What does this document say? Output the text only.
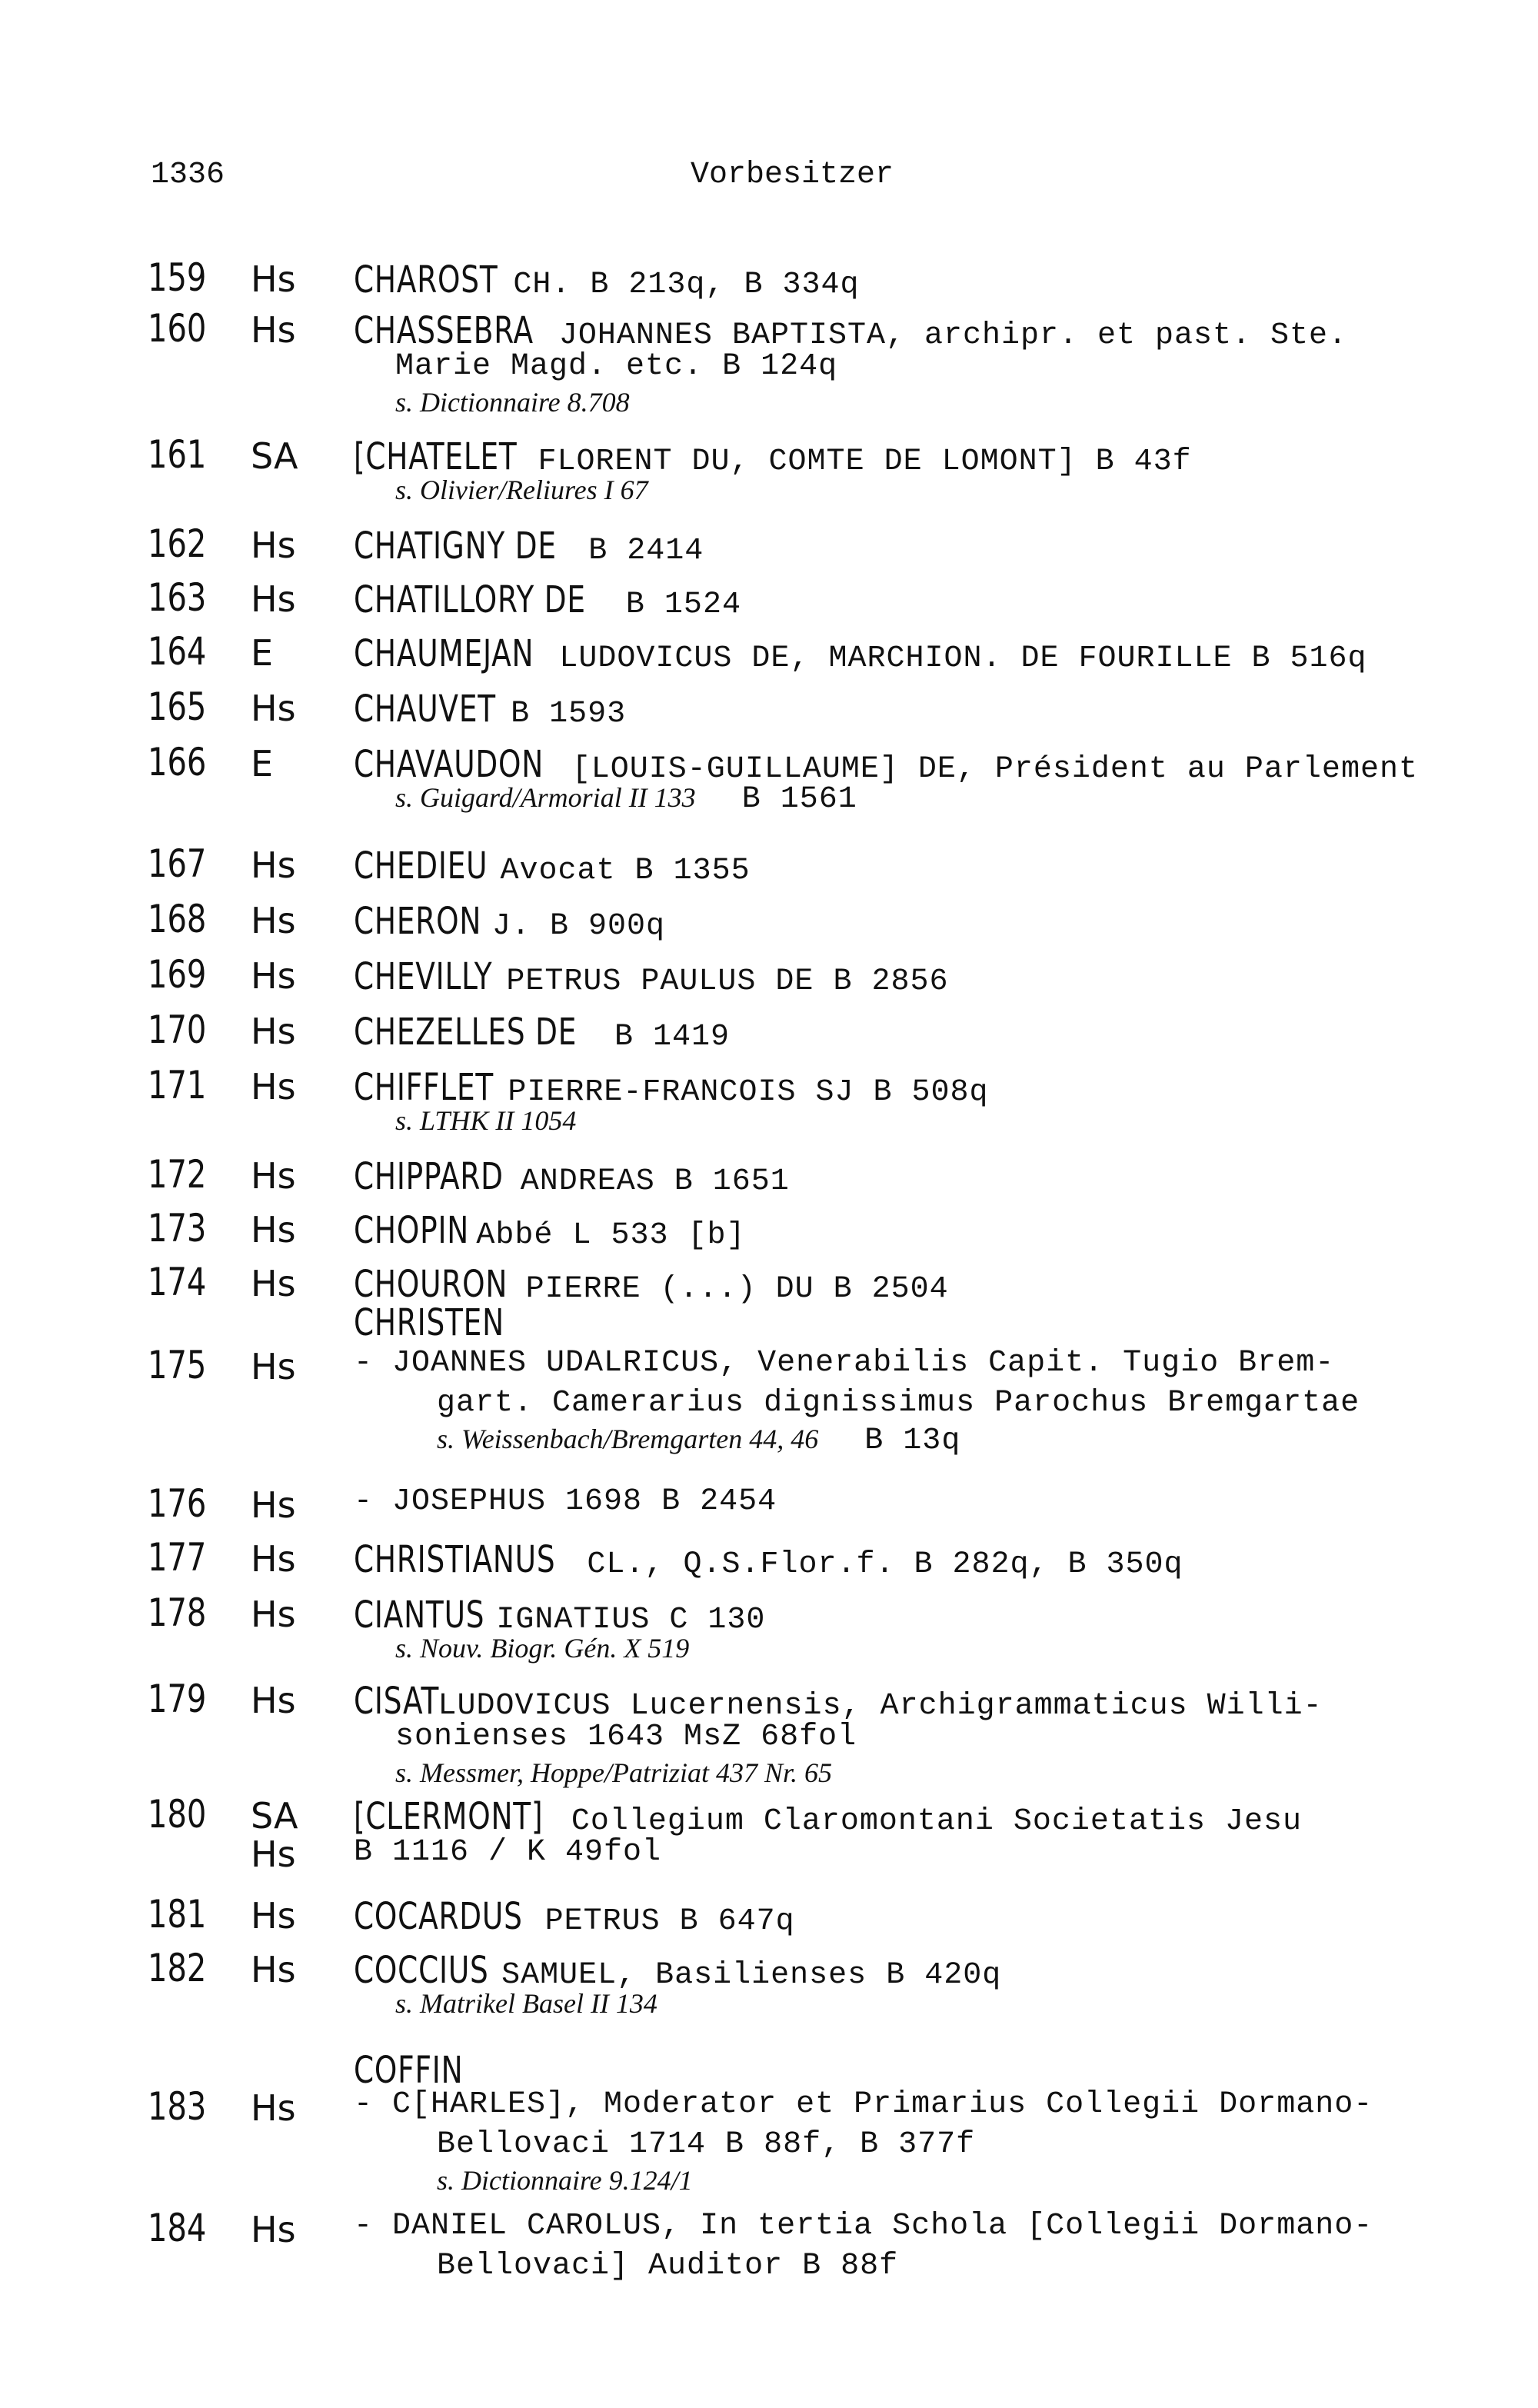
1336	Vorbesitzer
159 Hs CHAROST CH. B 213q, B 334q
160 Hs CHASSEBRA JOHANNES BAPTISTA, archipr. et past. Ste.
Marie Magd. etc. B 124q
s. Dictionnaire 8.708
161 SA [CHATELET FLORENT DU, COMTE DE LOMONT] B 43f
s. Olivier/Reliures I 67
162 Hs CHATIGNY DE B 2414
163 Hs CHATILLORY DE B 1524
164 E CHAUMEJAN LUDOVICUS DE, MARCHION. DE FOURILLE B 516q
165 Hs CHAUVET B 1593
166 E CHAVAUDON [LOUIS-GUILLAUME] DE, Président au Parlement
s. Guigard/Armorial II 133 B 1561
167 Hs CHEDIEU Avocat B 1355
168 Hs CHERON J. B 900q
169 Hs CHEVILLY PETRUS PAULUS DE B 2856
170 Hs CHEZELLES DE B 1419
171 Hs CHIFFLET PIERRE-FRANCOIS SJ B 508q
s. LTHK II 1054
172 Hs CHIPPARD ANDREAS B 1651
173 Hs CHOPIN Abbé L 533 [b]
174 Hs CHOURON PIERRE (...) DU B 2504
CHRISTEN
175 Hs - JOANNES UDALRICUS, Venerabilis Capit. Tugio Brem-
gart. Camerarius dignissimus Parochus Bremgartae
s. Weissenbach/Bremgarten 44, 46 B 13q
176 Hs - JOSEPHUS 1698 B 2454
177 Hs CHRISTIANUS CL., Q.S.Flor.f. B 282q, B 350q
178 Hs CIANTUS IGNATIUS C 130
s. Nouv. Biogr. Gén. X 519
179 Hs CISAT LUDOVICUS Lucernensis, Archigrammaticus Willi-
sonienses 1643 MsZ 68fol
s. Messmer, Hoppe/Patriziat 437 Nr. 65
180 SA
Hs
[CLERMONT] Collegium Claromontani Societatis Jesu
B 1116 / K 49fol
181 Hs COCARDUS PETRUS B 647q
182 Hs COCCIUS SAMUEL, Basilienses B 420q
s. Matrikel Basel II 134
COFFIN
183 Hs - C[HARLES], Moderator et Primarius Collegii Dormano-
Bellovaci 1714 B 88f, B 377f
s. Dictionnaire 9.124/1
184 Hs - DANIEL CAROLUS, In tertia Schola [Collegii Dormano-
Bellovaci] Auditor B 88f
